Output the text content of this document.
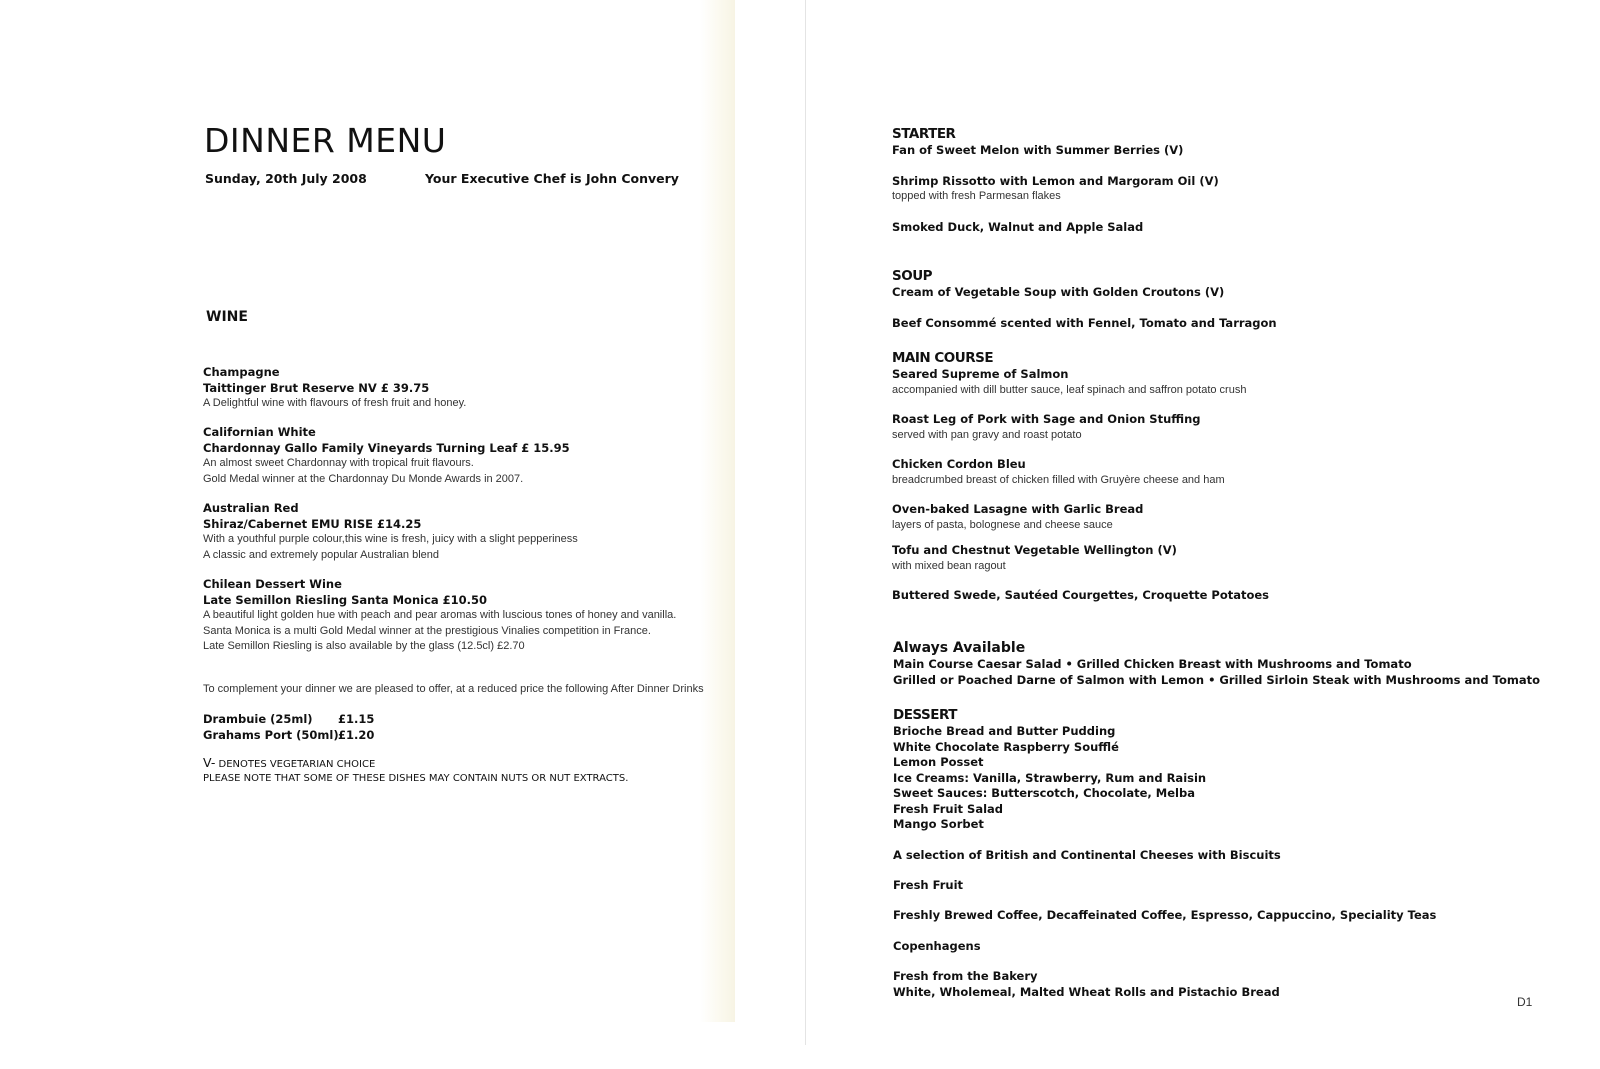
DINNER MENU
Sunday, 20th July 2008	Your Executive Chef is John Convery
WINE
Champagne
Taittinger Brut Reserve NV £ 39.75
A Delightful wine with flavours of fresh fruit and honey.
Californian White
Chardonnay Gallo Family Vineyards Turning Leaf £ 15.95
An almost sweet Chardonnay with tropical fruit flavours.
Gold Medal winner at the Chardonnay Du Monde Awards in 2007.
Australian Red
Shiraz/Cabernet EMU RISE £14.25
With a youthful purple colour,this wine is fresh, juicy with a slight pepperiness
A classic and extremely popular Australian blend
Chilean Dessert Wine
Late Semillon Riesling Santa Monica £10.50
A beautiful light golden hue with peach and pear aromas with luscious tones of honey and vanilla.
Santa Monica is a multi Gold Medal winner at the prestigious Vinalies competition in France.
Late Semillon Riesling is also available by the glass (12.5cl) £2.70
To complement your dinner we are pleased to offer, at a reduced price the following After Dinner Drinks
Drambuie (25ml)	£1.15
Grahams Port (50ml) £1.20
V- DENOTES VEGETARIAN CHOICE
PLEASE NOTE THAT SOME OF THESE DISHES MAY CONTAIN NUTS OR NUT EXTRACTS.
STARTER
Fan of Sweet Melon with Summer Berries (V)
Shrimp Rissotto with Lemon and Margoram Oil (V)
topped with fresh Parmesan flakes
Smoked Duck, Walnut and Apple Salad
SOUP
Cream of Vegetable Soup with Golden Croutons (V)
Beef Consommé scented with Fennel, Tomato and Tarragon
MAIN COURSE
Seared Supreme of Salmon
accompanied with dill butter sauce, leaf spinach and saffron potato crush
Roast Leg of Pork with Sage and Onion Stuffing
served with pan gravy and roast potato
Chicken Cordon Bleu
breadcrumbed breast of chicken filled with Gruyère cheese and ham
Oven-baked Lasagne with Garlic Bread
layers of pasta, bolognese and cheese sauce
Tofu and Chestnut Vegetable Wellington (V)
with mixed bean ragout
Buttered Swede, Sautéed Courgettes, Croquette Potatoes
Always Available
Main Course Caesar Salad • Grilled Chicken Breast with Mushrooms and Tomato
Grilled or Poached Darne of Salmon with Lemon • Grilled Sirloin Steak with Mushrooms and Tomato
DESSERT
Brioche Bread and Butter Pudding
White Chocolate Raspberry Soufflé
Lemon Posset
Ice Creams: Vanilla, Strawberry, Rum and Raisin
Sweet Sauces: Butterscotch, Chocolate, Melba
Fresh Fruit Salad
Mango Sorbet
A selection of British and Continental Cheeses with Biscuits
Fresh Fruit
Freshly Brewed Coffee, Decaffeinated Coffee, Espresso, Cappuccino, Speciality Teas
Copenhagens
Fresh from the Bakery
White, Wholemeal, Malted Wheat Rolls and Pistachio Bread
D1
